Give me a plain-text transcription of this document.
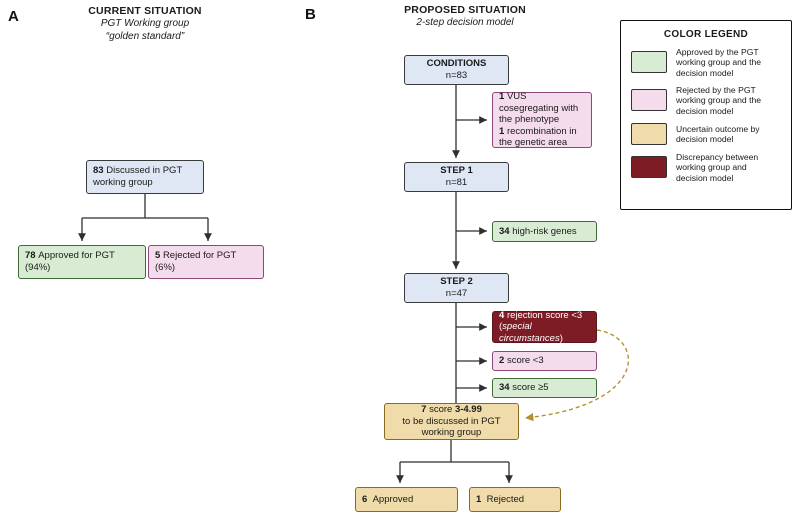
A	CURRENT SITUATION
PGT Working group
“golden standard”
83 Discussed in PGT working group
78 Approved for PGT
(94%)
5 Rejected for PGT
(6%)
B	PROPOSED SITUATION
2-step decision model
CONDITIONS
n=83
1 VUS cosegregating with the phenotype
1 recombination in the genetic area
STEP 1
n=81
34 high-risk genes
STEP 2
n=47
4 rejection score <3 (special circumstances)
2 score <3
34 score ≥5
7 score 3-4.99
to be discussed in PGT working group
6 Approved	1 Rejected
COLOR LEGEND
Approved by the PGT working group and the decision model
Rejected by the PGT working group and the decision model
Uncertain outcome by decision model
Discrepancy between working group and decision model
